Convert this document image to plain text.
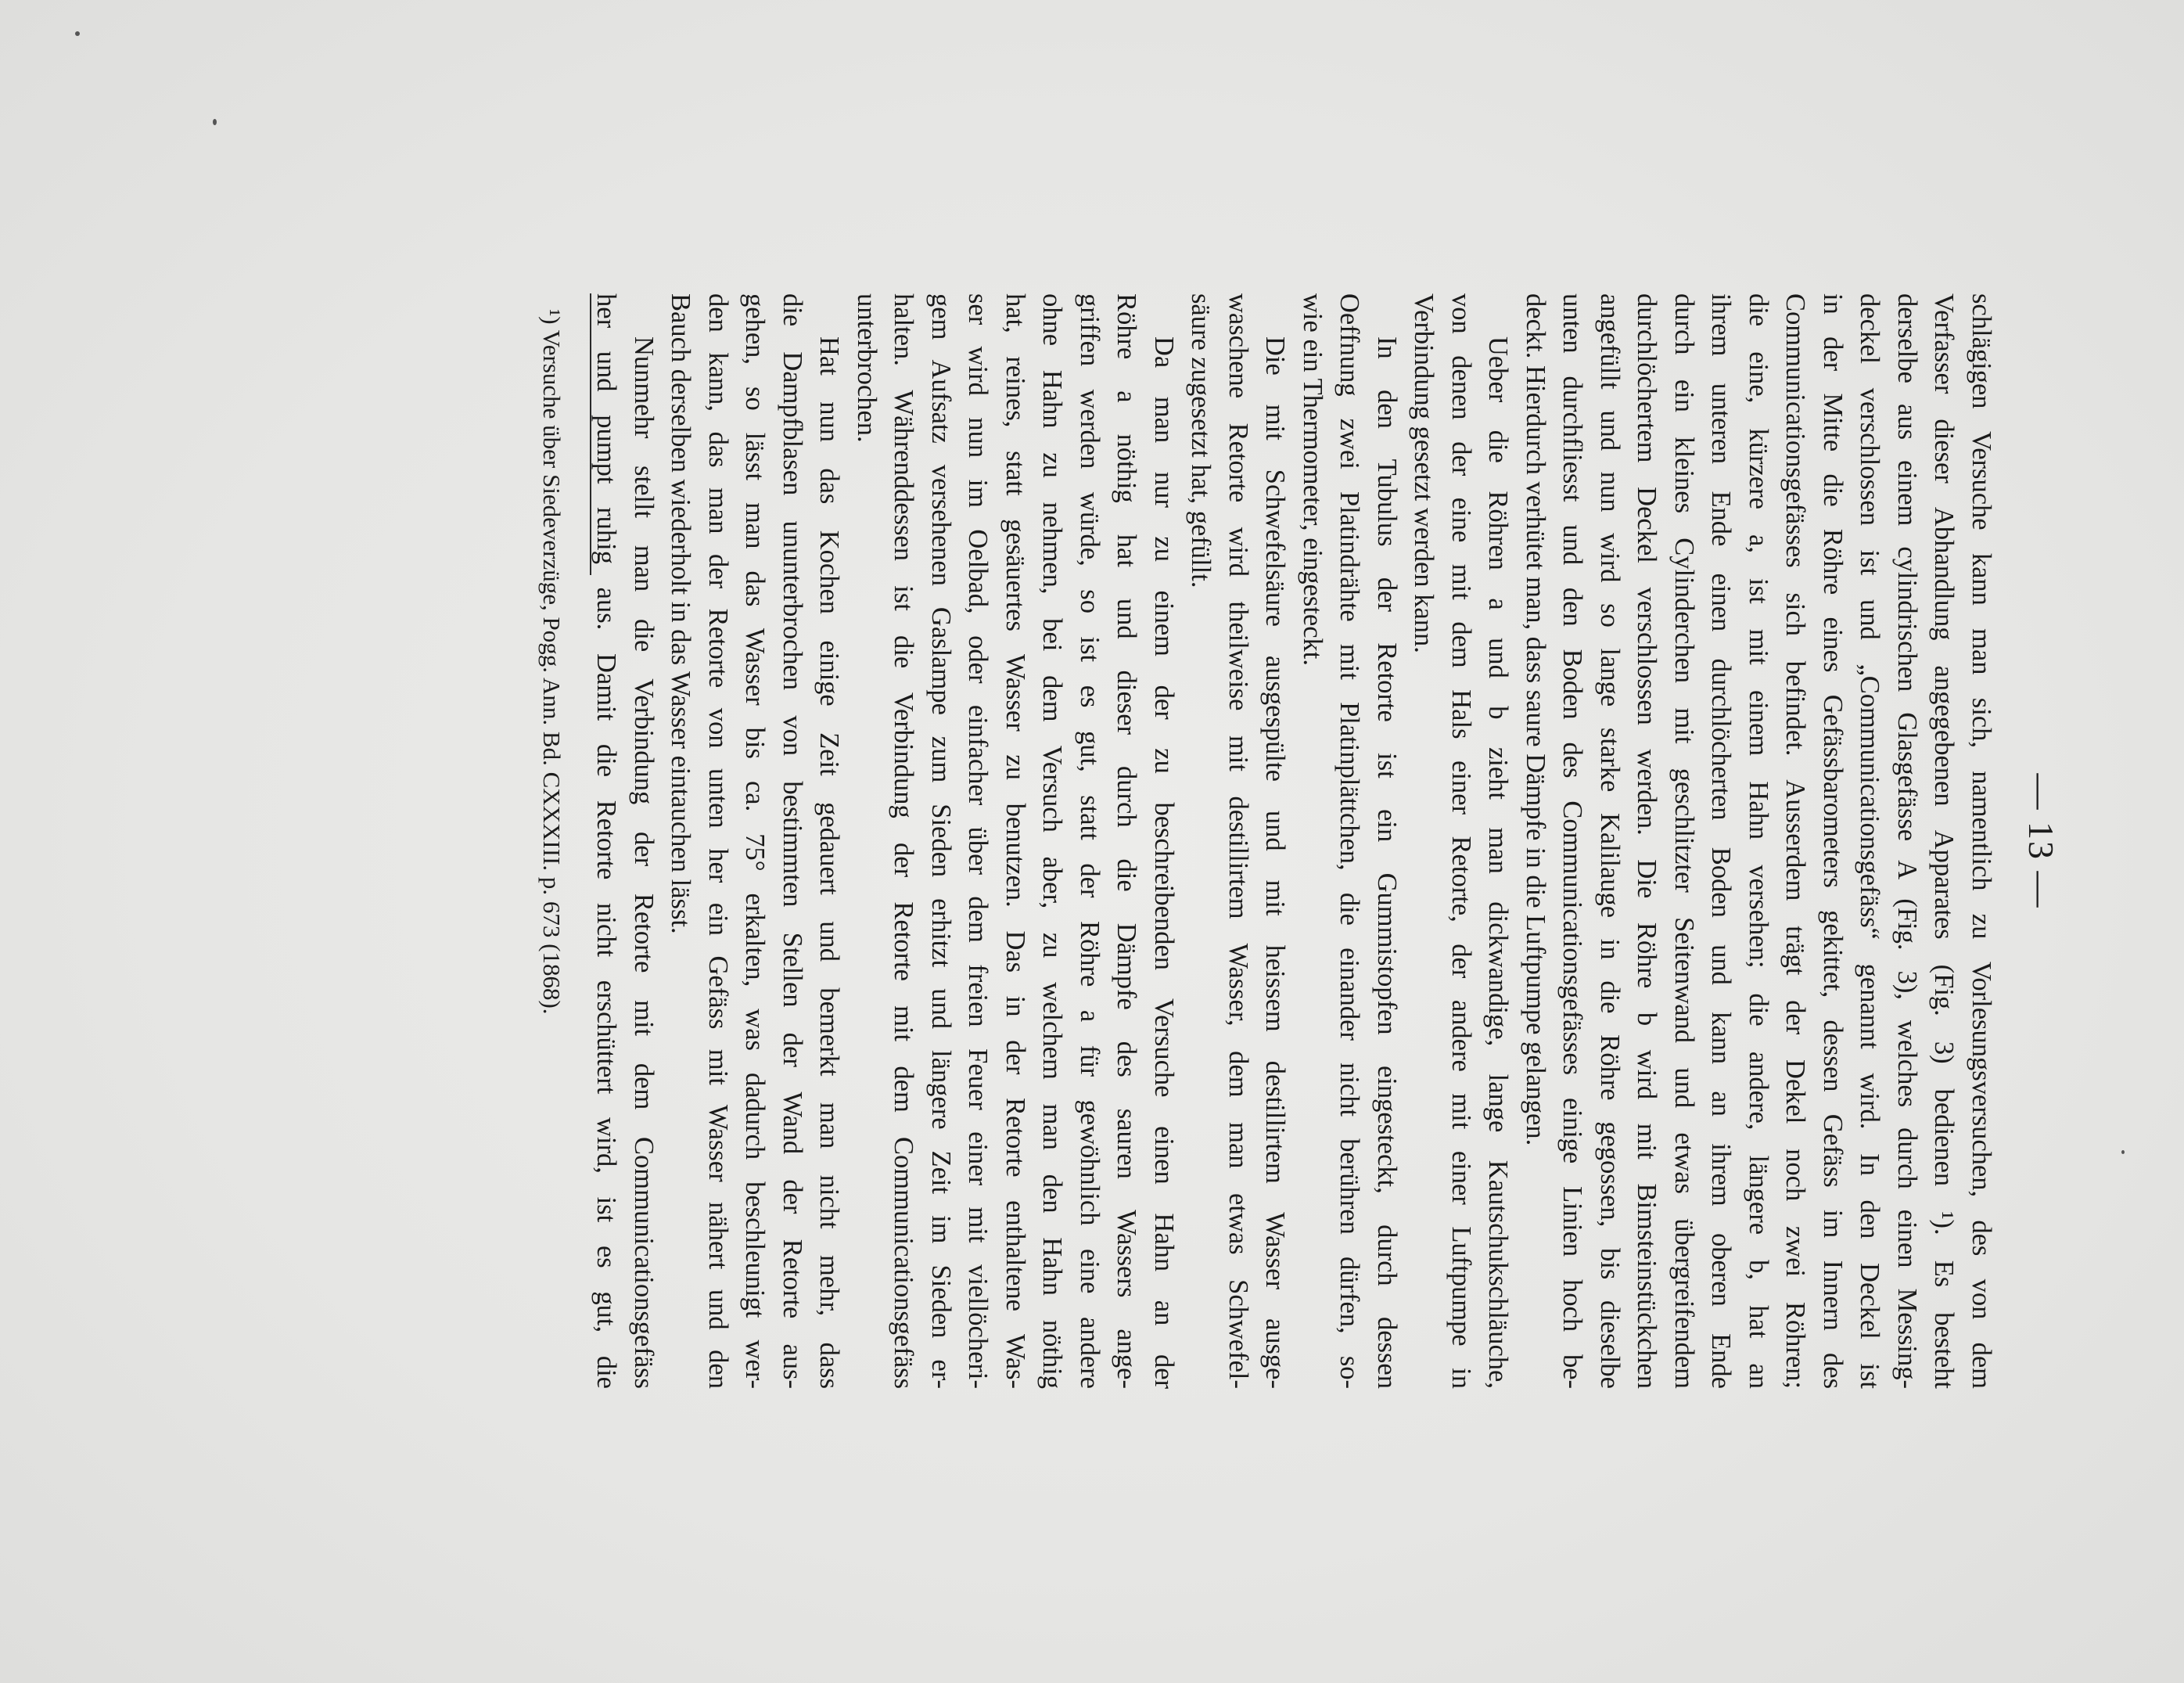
— 13 —
schlägigen Versuche kann man sich, namentlich zu Vorlesungsversuchen, des von dem
Verfasser dieser Abhandlung angegebenen Apparates (Fig. 3) bedienen ¹). Es besteht
derselbe aus einem cylindrischen Glasgefässe A (Fig. 3), welches durch einen Messing-
deckel verschlossen ist und „Communicationsgefäss“ genannt wird. In den Deckel ist
in der Mitte die Röhre eines Gefässbarometers gekittet, dessen Gefäss im Innern des
Communicationsgefässes sich befindet. Ausserdem trägt der Dekel noch zwei Röhren;
die eine, kürzere a, ist mit einem Hahn versehen; die andere, längere b, hat an
ihrem unteren Ende einen durchlöcherten Boden und kann an ihrem oberen Ende
durch ein kleines Cylinderchen mit geschlitzter Seitenwand und etwas übergreifendem
durchlöchertem Deckel verschlossen werden. Die Röhre b wird mit Bimsteinstückchen
angefüllt und nun wird so lange starke Kalilauge in die Röhre gegossen, bis dieselbe
unten durchfliesst und den Boden des Communicationsgefässes einige Linien hoch be-
deckt. Hierdurch verhütet man, dass saure Dämpfe in die Luftpumpe gelangen.
Ueber die Röhren a und b zieht man dickwandige, lange Kautschukschläuche,
von denen der eine mit dem Hals einer Retorte, der andere mit einer Luftpumpe in
Verbindung gesetzt werden kann.
In den Tubulus der Retorte ist ein Gummistopfen eingesteckt, durch dessen
Oeffnung zwei Platindrähte mit Platinplättchen, die einander nicht berühren dürfen, so-
wie ein Thermometer, eingesteckt.
Die mit Schwefelsäure ausgespülte und mit heissem destillirtem Wasser ausge-
waschene Retorte wird theilweise mit destillirtem Wasser, dem man etwas Schwefel-
säure zugesetzt hat, gefüllt.
Da man nur zu einem der zu beschreibenden Versuche einen Hahn an der
Röhre a nöthig hat und dieser durch die Dämpfe des sauren Wassers ange-
griffen werden würde, so ist es gut, statt der Röhre a für gewöhnlich eine andere
ohne Hahn zu nehmen, bei dem Versuch aber, zu welchem man den Hahn nöthig
hat, reines, statt gesäuertes Wasser zu benutzen. Das in der Retorte enthaltene Was-
ser wird nun im Oelbad, oder einfacher über dem freien Feuer einer mit viellöcheri-
gem Aufsatz versehenen Gaslampe zum Sieden erhitzt und längere Zeit im Sieden er-
halten. Währenddessen ist die Verbindung der Retorte mit dem Communicationsgefäss
unterbrochen.
Hat nun das Kochen einige Zeit gedauert und bemerkt man nicht mehr, dass
die Dampfblasen ununterbrochen von bestimmten Stellen der Wand der Retorte aus-
gehen, so lässt man das Wasser bis ca. 75° erkalten, was dadurch beschleunigt wer-
den kann, das man der Retorte von unten her ein Gefäss mit Wasser nähert und den
Bauch derselben wiederholt in das Wasser eintauchen lässt.
Nunmehr stellt man die Verbindung der Retorte mit dem Communicationsgefäss
her und pumpt ruhig aus. Damit die Retorte nicht erschüttert wird, ist es gut, die
¹) Versuche über Siedeverzüge, Pogg. Ann. Bd. CXXXIII. p. 673 (1868).
